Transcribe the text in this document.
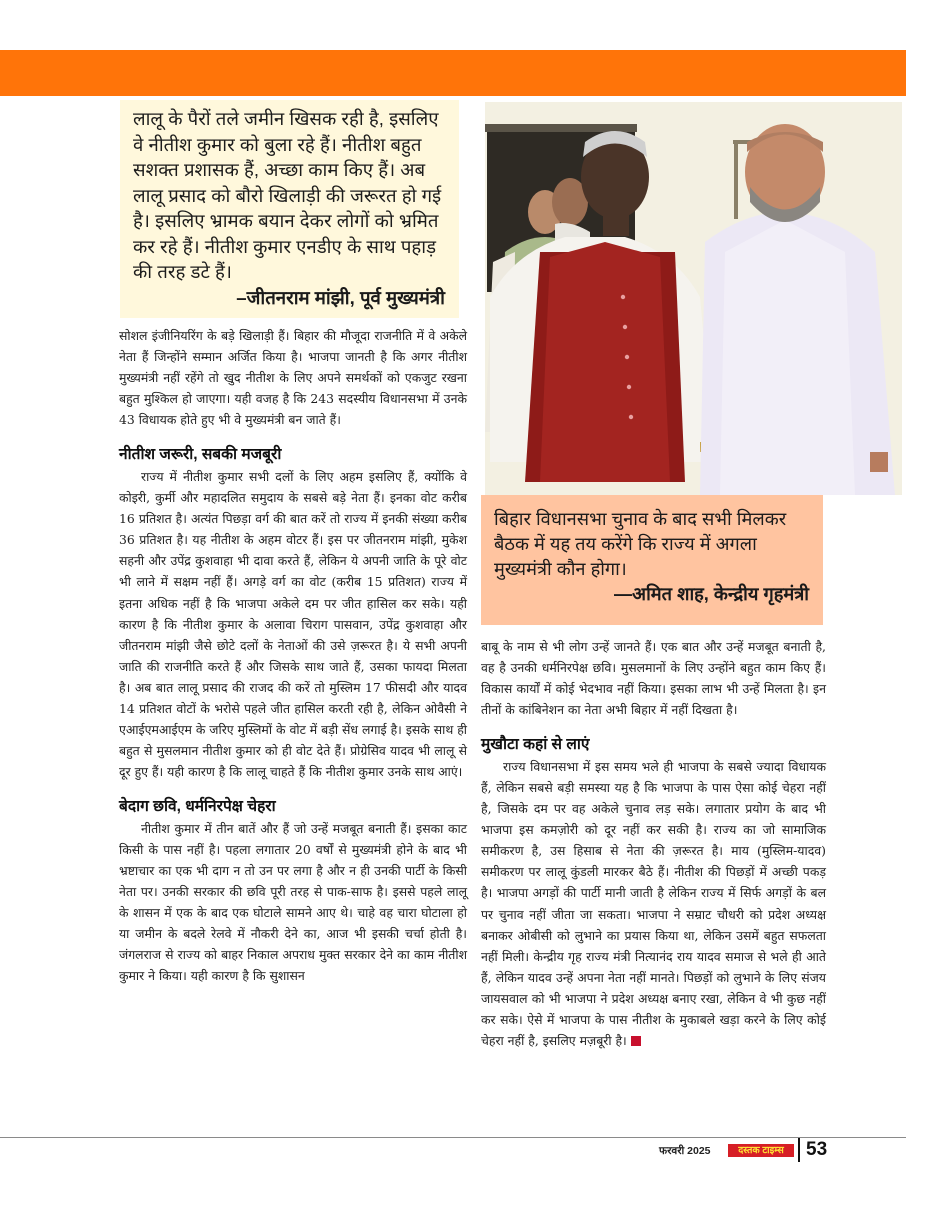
लालू के पैरों तले जमीन खिसक रही है, इसलिए वे नीतीश कुमार को बुला रहे हैं। नीतीश बहुत सशक्त प्रशासक हैं, अच्छा काम किए हैं। अब लालू प्रसाद को बौरो खिलाड़ी की जरूरत हो गई है। इसलिए भ्रामक बयान देकर लोगों को भ्रमित कर रहे हैं। नीतीश कुमार एनडीए के साथ पहाड़ की तरह डटे हैं।
–जीतनराम मांझी, पूर्व मुख्यमंत्री
बिहार विधानसभा चुनाव के बाद सभी मिलकर बैठक में यह तय करेंगे कि राज्य में अगला मुख्यमंत्री कौन होगा।
—अमित शाह, केन्द्रीय गृहमंत्री

सोशल इंजीनियरिंग के बड़े खिलाड़ी हैं। बिहार की मौजूदा राजनीति में वे अकेले नेता हैं जिन्होंने सम्मान अर्जित किया है। भाजपा जानती है कि अगर नीतीश मुख्यमंत्री नहीं रहेंगे तो खुद नीतीश के लिए अपने समर्थकों को एकजुट रखना बहुत मुश्किल हो जाएगा। यही वजह है कि 243 सदस्यीय विधानसभा में उनके 43 विधायक होते हुए भी वे मुख्यमंत्री बन जाते हैं।

नीतीश जरूरी, सबकी मजबूरी

राज्य में नीतीश कुमार सभी दलों के लिए अहम इसलिए हैं, क्योंकि वे कोइरी, कुर्मी और महादलित समुदाय के सबसे बड़े नेता हैं। इनका वोट करीब 16 प्रतिशत है। अत्यंत पिछड़ा वर्ग की बात करें तो राज्य में इनकी संख्या करीब 36 प्रतिशत है। यह नीतीश के अहम वोटर हैं। इस पर जीतनराम मांझी, मुकेश सहनी और उपेंद्र कुशवाहा भी दावा करते हैं, लेकिन ये अपनी जाति के पूरे वोट भी लाने में सक्षम नहीं हैं। अगड़े वर्ग का वोट (करीब 15 प्रतिशत) राज्य में इतना अधिक नहीं है कि भाजपा अकेले दम पर जीत हासिल कर सके। यही कारण है कि नीतीश कुमार के अलावा चिराग पासवान, उपेंद्र कुशवाहा और जीतनराम मांझी जैसे छोटे दलों के नेताओं की उसे ज़रूरत है। ये सभी अपनी जाति की राजनीति करते हैं और जिसके साथ जाते हैं, उसका फायदा मिलता है। अब बात लालू प्रसाद की राजद की करें तो मुस्लिम 17 फीसदी और यादव 14 प्रतिशत वोटों के भरोसे पहले जीत हासिल करती रही है, लेकिन ओवैसी ने एआईएमआईएम के जरिए मुस्लिमों के वोट में बड़ी सेंध लगाई है। इसके साथ ही बहुत से मुसलमान नीतीश कुमार को ही वोट देते हैं। प्रोग्रेसिव यादव भी लालू से दूर हुए हैं। यही कारण है कि लालू चाहते हैं कि नीतीश कुमार उनके साथ आएं।

बेदाग छवि, धर्मनिरपेक्ष चेहरा

नीतीश कुमार में तीन बातें और हैं जो उन्हें मजबूत बनाती हैं। इसका काट किसी के पास नहीं है। पहला लगातार 20 वर्षों से मुख्यमंत्री होने के बाद भी भ्रष्टाचार का एक भी दाग न तो उन पर लगा है और न ही उनकी पार्टी के किसी नेता पर। उनकी सरकार की छवि पूरी तरह से पाक-साफ है। इससे पहले लालू के शासन में एक के बाद एक घोटाले सामने आए थे। चाहे वह चारा घोटाला हो या जमीन के बदले रेलवे में नौकरी देने का, आज भी इसकी चर्चा होती है। जंगलराज से राज्य को बाहर निकाल अपराध मुक्त सरकार देने का काम नीतीश कुमार ने किया। यही कारण है कि सुशासन

बाबू के नाम से भी लोग उन्हें जानते हैं। एक बात और उन्हें मजबूत बनाती है, वह है उनकी धर्मनिरपेक्ष छवि। मुसलमानों के लिए उन्होंने बहुत काम किए हैं। विकास कार्यों में कोई भेदभाव नहीं किया। इसका लाभ भी उन्हें मिलता है। इन तीनों के कांबिनेशन का नेता अभी बिहार में नहीं दिखता है।

मुखौटा कहां से लाएं

राज्य विधानसभा में इस समय भले ही भाजपा के सबसे ज्यादा विधायक हैं, लेकिन सबसे बड़ी समस्या यह है कि भाजपा के पास ऐसा कोई चेहरा नहीं है, जिसके दम पर वह अकेले चुनाव लड़ सके। लगातार प्रयोग के बाद भी भाजपा इस कमज़ोरी को दूर नहीं कर सकी है। राज्य का जो सामाजिक समीकरण है, उस हिसाब से नेता की ज़रूरत है। माय (मुस्लिम-यादव) समीकरण पर लालू कुंडली मारकर बैठे हैं। नीतीश की पिछड़ों में अच्छी पकड़ है। भाजपा अगड़ों की पार्टी मानी जाती है लेकिन राज्य में सिर्फ अगड़ों के बल पर चुनाव नहीं जीता जा सकता। भाजपा ने सम्राट चौधरी को प्रदेश अध्यक्ष बनाकर ओबीसी को लुभाने का प्रयास किया था, लेकिन उसमें बहुत सफलता नहीं मिली। केन्द्रीय गृह राज्य मंत्री नित्यानंद राय यादव समाज से भले ही आते हैं, लेकिन यादव उन्हें अपना नेता नहीं मानते। पिछड़ों को लुभाने के लिए संजय जायसवाल को भी भाजपा ने प्रदेश अध्यक्ष बनाए रखा, लेकिन वे भी कुछ नहीं कर सके। ऐसे में भाजपा के पास नीतीश के मुकाबले खड़ा करने के लिए कोई चेहरा नहीं है, इसलिए मज़बूरी है।

फरवरी 2025	दस्तक टाइम्स	53
